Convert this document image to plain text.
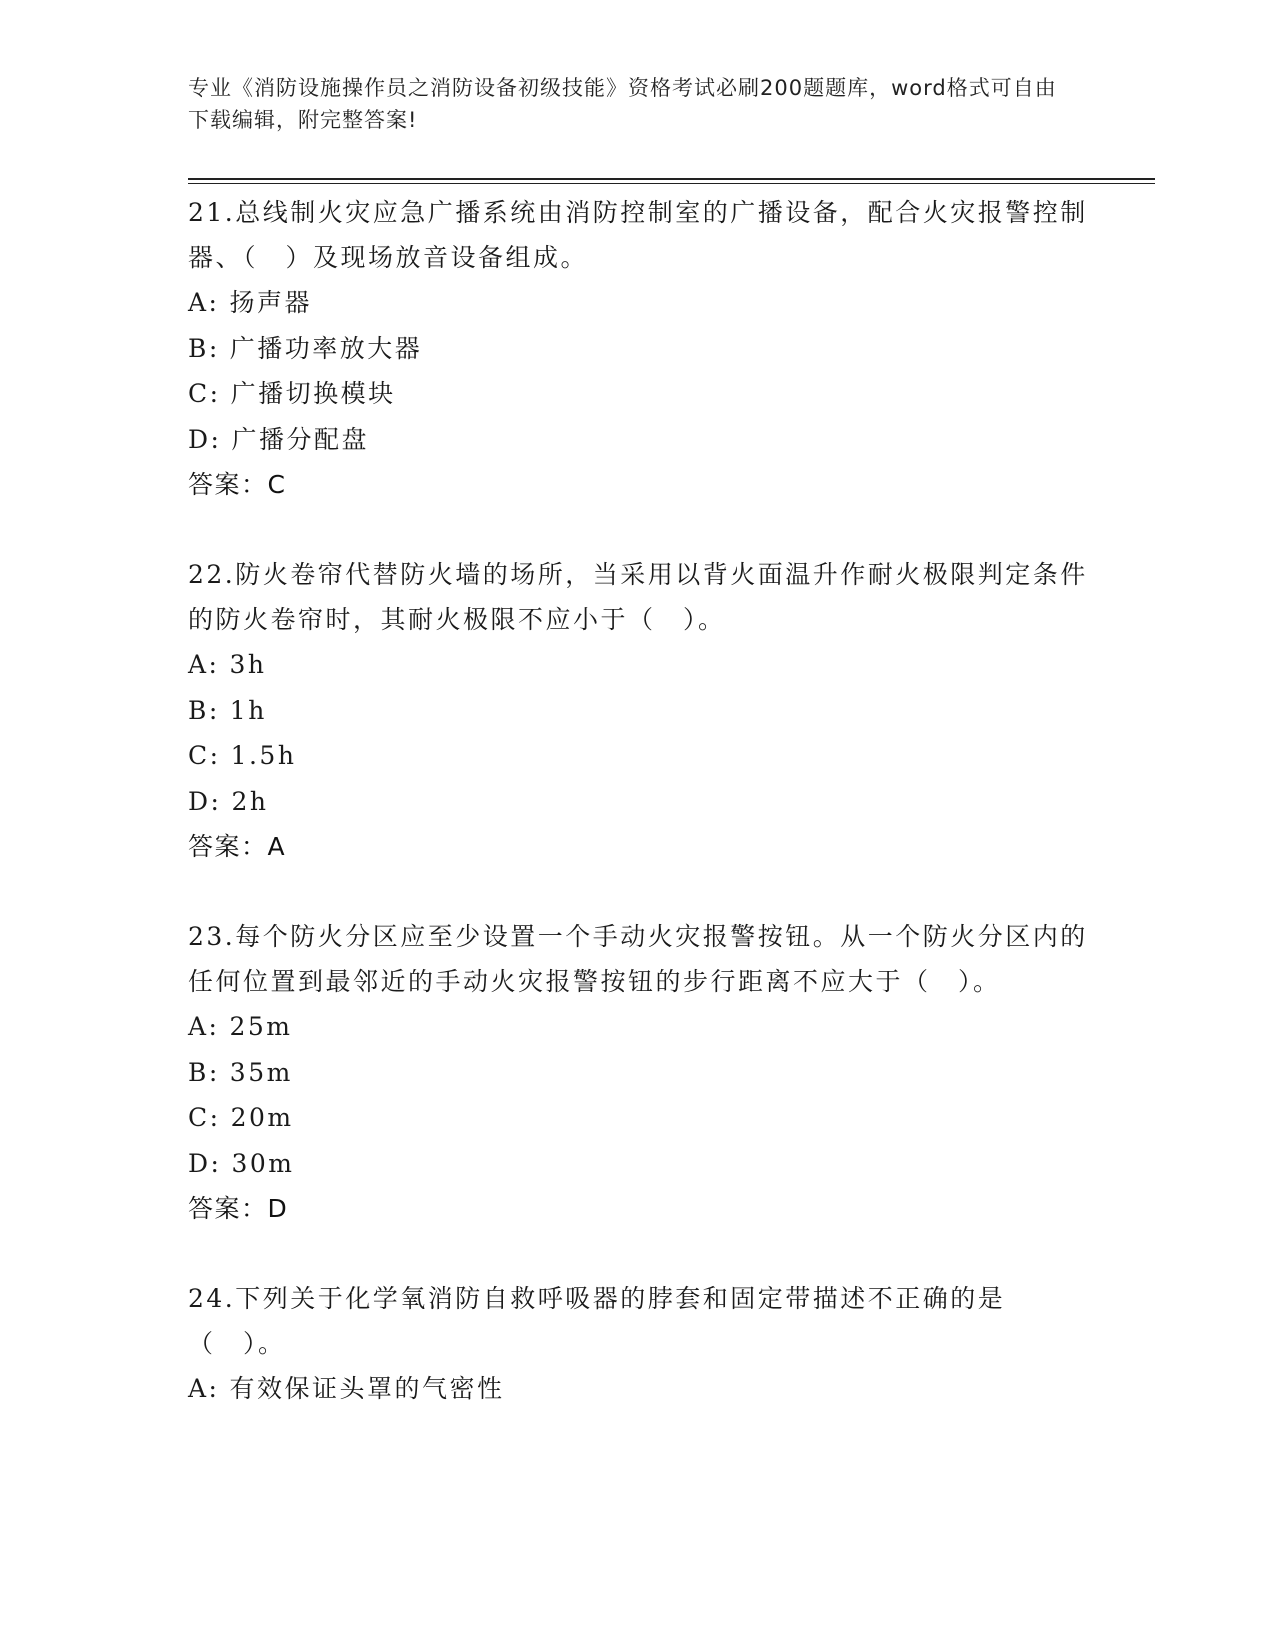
专业《消防设施操作员之消防设备初级技能》资格考试必刷200题题库，word格式可自由下载编辑，附完整答案!

21.总线制火灾应急广播系统由消防控制室的广播设备，配合火灾报警控制器、（　）及现场放音设备组成。

A: 扬声器
B: 广播功率放大器
C: 广播切换模块
D: 广播分配盘
答案：C

22.防火卷帘代替防火墙的场所，当采用以背火面温升作耐火极限判定条件的防火卷帘时，其耐火极限不应小于（　）。

A: 3h
B: 1h
C: 1.5h
D: 2h
答案：A

23.每个防火分区应至少设置一个手动火灾报警按钮。从一个防火分区内的任何位置到最邻近的手动火灾报警按钮的步行距离不应大于（　）。

A: 25m
B: 35m
C: 20m
D: 30m
答案：D

24.下列关于化学氧消防自救呼吸器的脖套和固定带描述不正确的是（　）。

A: 有效保证头罩的气密性
